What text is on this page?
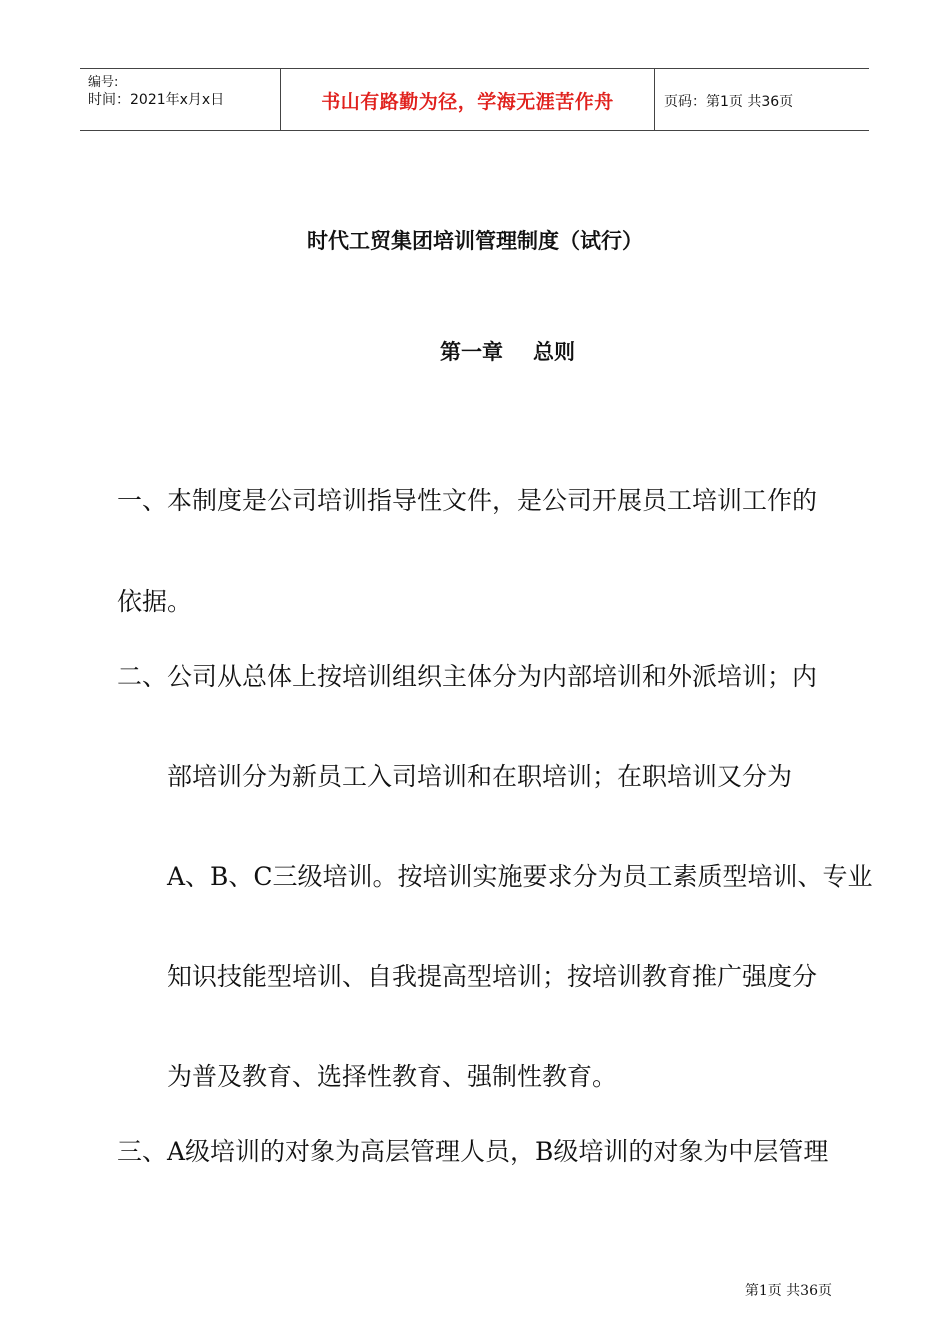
编号:
时间：2021年x月x日	书山有路勤为径，学海无涯苦作舟	页码：第1页 共36页
时代工贸集团培训管理制度（试行）
第一章 总则
一、本制度是公司培训指导性文件，是公司开展员工培训工作的
依据。
二、公司从总体上按培训组织主体分为内部培训和外派培训；内
部培训分为新员工入司培训和在职培训；在职培训又分为
A、B、C三级培训。按培训实施要求分为员工素质型培训、专业
知识技能型培训、自我提高型培训；按培训教育推广强度分
为普及教育、选择性教育、强制性教育。
三、A级培训的对象为高层管理人员，B级培训的对象为中层管理
第1页 共36页
